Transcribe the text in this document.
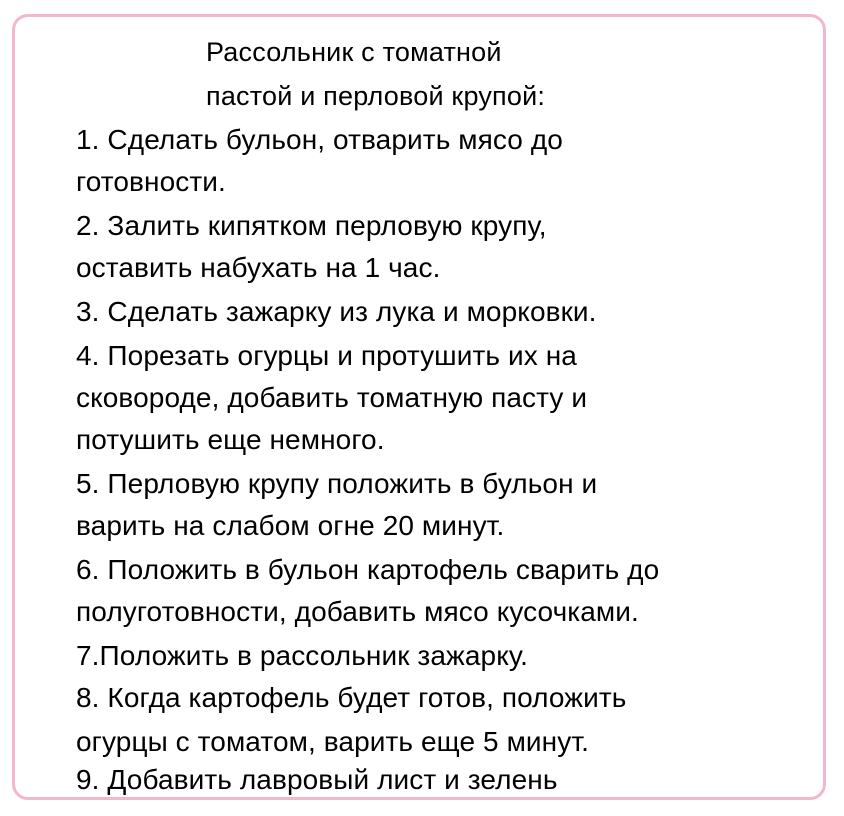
Рассольник с томатной
пастой и перловой крупой:
1. Сделать бульон, отварить мясо до
готовности.
2. Залить кипятком перловую крупу,
оставить набухать на 1 час.
3. Сделать зажарку из лука и морковки.
4. Порезать огурцы и протушить их на
сковороде, добавить томатную пасту и
потушить еще немного.
5. Перловую крупу положить в бульон и
варить на слабом огне 20 минут.
6. Положить в бульон картофель сварить до
полуготовности, добавить мясо кусочками.
7.Положить в рассольник зажарку.
8. Когда картофель будет готов, положить
огурцы с томатом, варить еще 5 минут.
9. Добавить лавровый лист и зелень
